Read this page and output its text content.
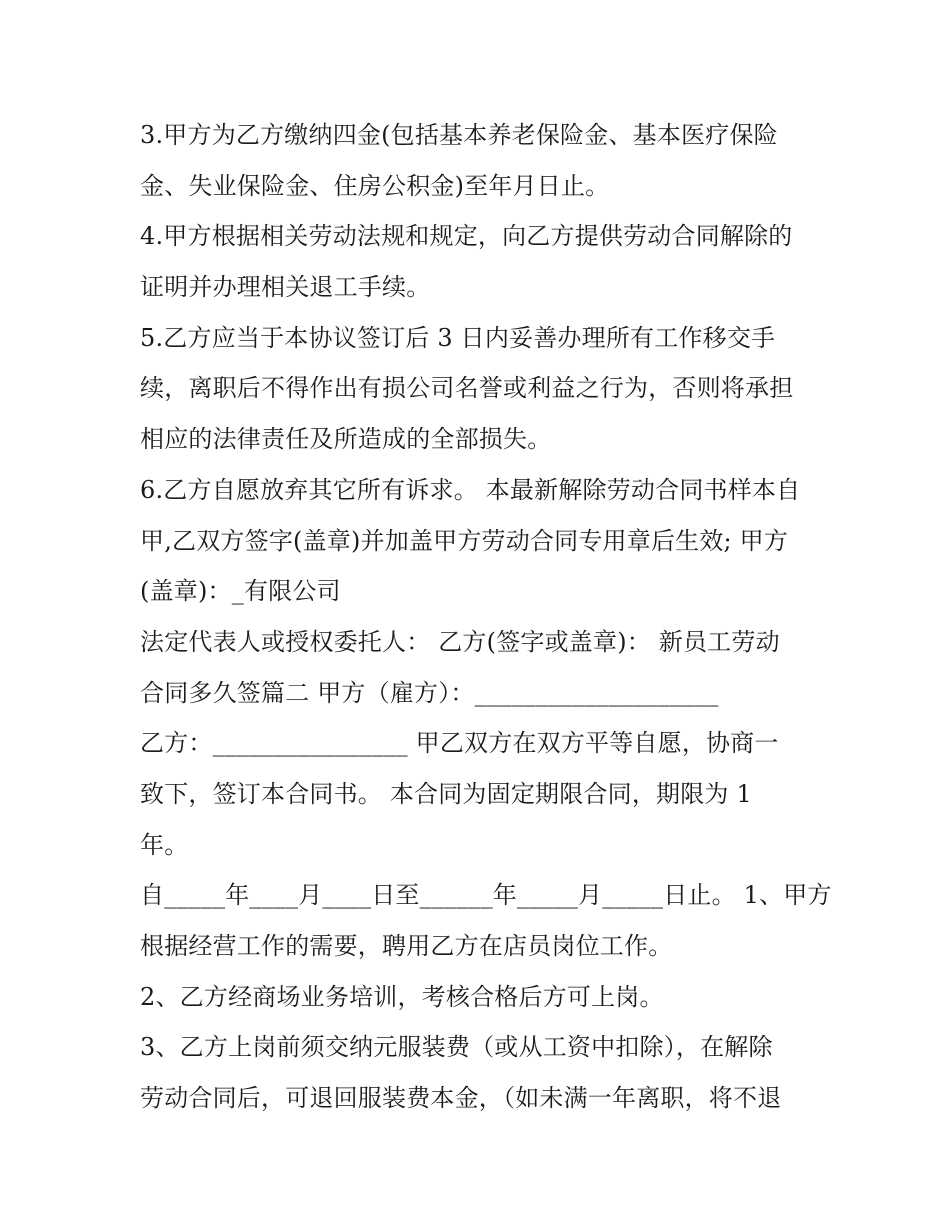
3.甲方为乙方缴纳四金(包括基本养老保险金、基本医疗保险
金、失业保险金、住房公积金)至年月日止。
4.甲方根据相关劳动法规和规定，向乙方提供劳动合同解除的
证明并办理相关退工手续。
5.乙方应当于本协议签订后 3 日内妥善办理所有工作移交手
续，离职后不得作出有损公司名誉或利益之行为，否则将承担
相应的法律责任及所造成的全部损失。
6.乙方自愿放弃其它所有诉求。 本最新解除劳动合同书样本自
甲,乙双方签字(盖章)并加盖甲方劳动合同专用章后生效; 甲方
(盖章)：_有限公司
法定代表人或授权委托人： 乙方(签字或盖章)： 新员工劳动
合同多久签篇二 甲方（雇方）：____________________
乙方：________________ 甲乙双方在双方平等自愿，协商一
致下，签订本合同书。 本合同为固定期限合同，期限为 1
年。
自_____年____月____日至______年_____月_____日止。 1、甲方
根据经营工作的需要，聘用乙方在店员岗位工作。
2、乙方经商场业务培训，考核合格后方可上岗。
3、乙方上岗前须交纳元服装费（或从工资中扣除），在解除
劳动合同后，可退回服装费本金，（如未满一年离职，将不退
